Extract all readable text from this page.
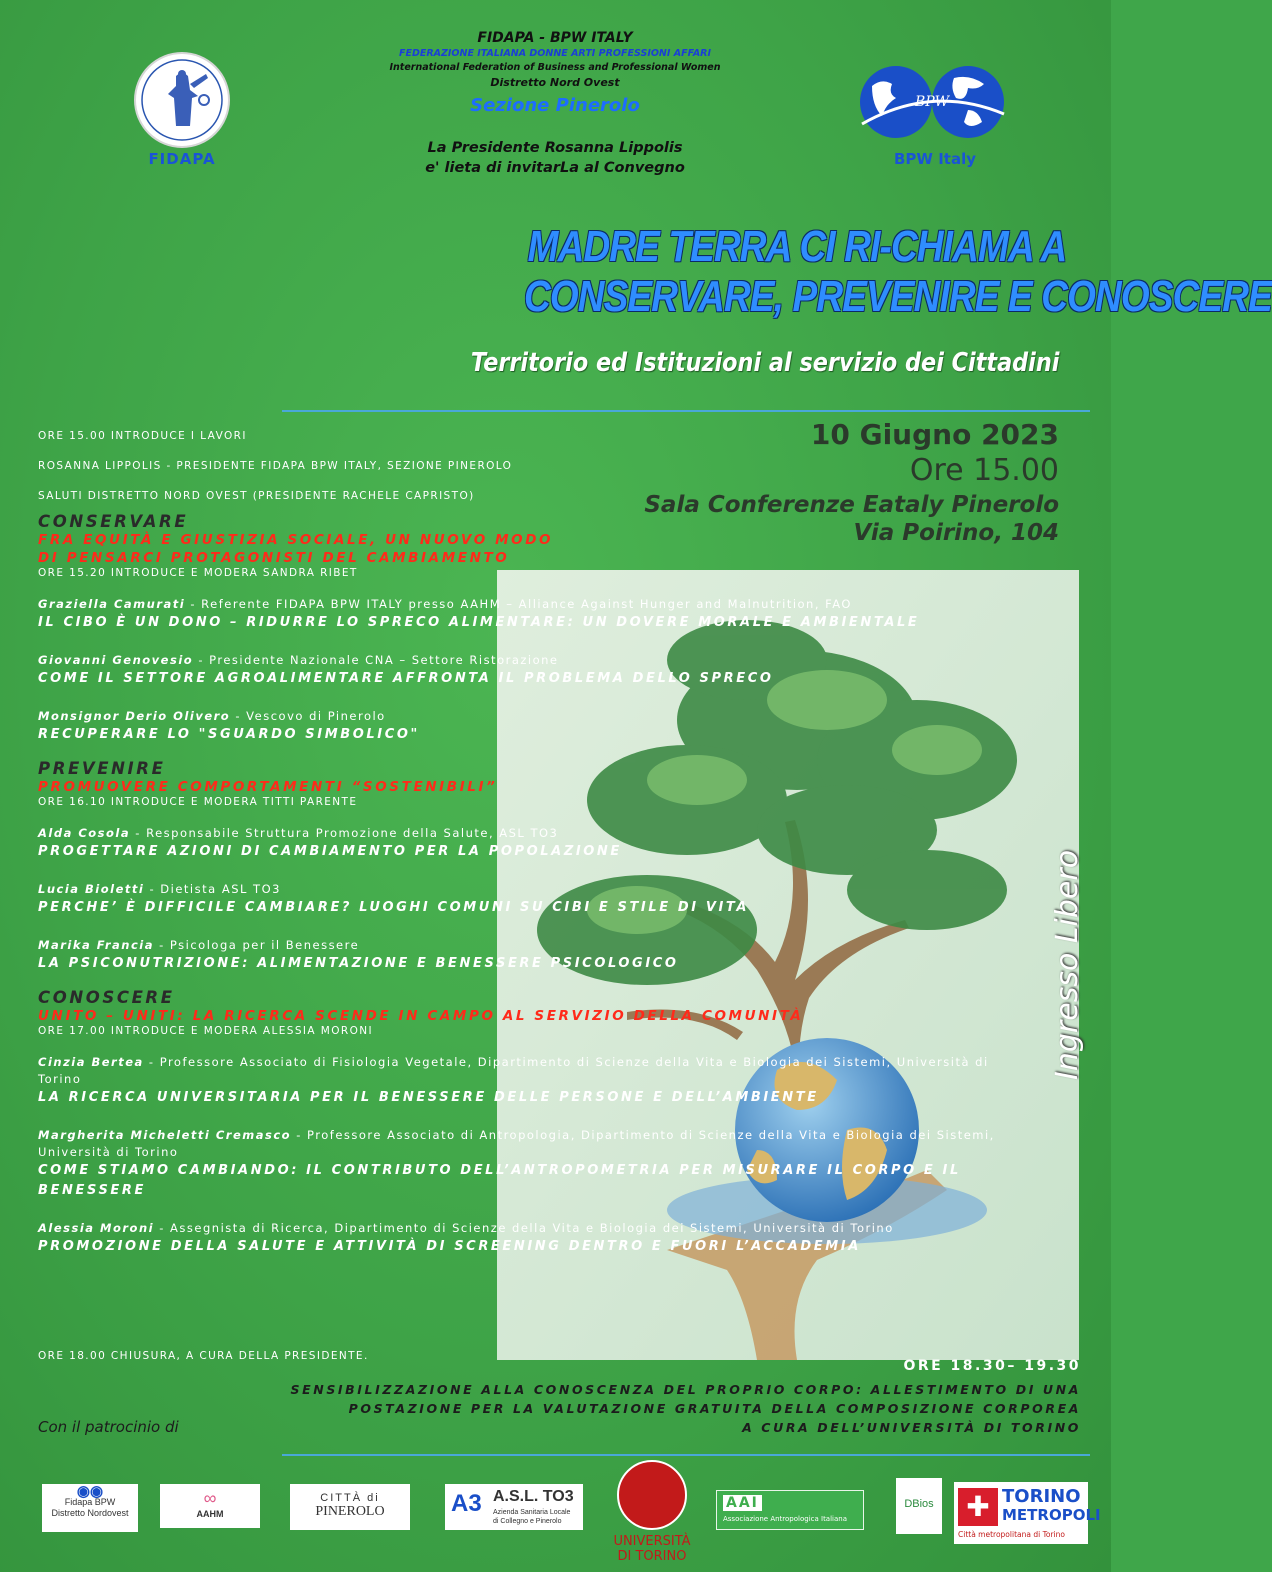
FIDAPA
BPW
BPW Italy
FIDAPA - BPW ITALY
FEDERAZIONE ITALIANA DONNE ARTI PROFESSIONI AFFARI
International Federation of Business and Professional Women
Distretto Nord Ovest
Sezione Pinerolo
La Presidente Rosanna Lippolis
e' lieta di invitarLa al Convegno
MADRE TERRA CI RI-CHIAMA A
CONSERVARE, PREVENIRE E CONOSCERE
Territorio ed Istituzioni al servizio dei Cittadini
Ingresso Libero
10 Giugno 2023
Ore 15.00
Sala Conferenze Eataly Pinerolo
Via Poirino, 104
ORE 15.00 INTRODUCE I LAVORI
ROSANNA LIPPOLIS - PRESIDENTE FIDAPA BPW ITALY, SEZIONE PINEROLO
SALUTI DISTRETTO NORD OVEST (PRESIDENTE RACHELE CAPRISTO)
CONSERVARE
FRA EQUITÀ E GIUSTIZIA SOCIALE, UN NUOVO MODO
DI PENSARCI PROTAGONISTI DEL CAMBIAMENTO
ORE 15.20 INTRODUCE E MODERA SANDRA RIBET
Graziella Camurati - Referente FIDAPA BPW ITALY presso AAHM – Alliance Against Hunger and Malnutrition, FAO
IL CIBO È UN DONO – RIDURRE LO SPRECO ALIMENTARE: UN DOVERE MORALE E AMBIENTALE
Giovanni Genovesio - Presidente Nazionale CNA – Settore Ristorazione
COME IL SETTORE AGROALIMENTARE AFFRONTA IL PROBLEMA DELLO SPRECO
Monsignor Derio Olivero - Vescovo di Pinerolo
RECUPERARE LO "SGUARDO SIMBOLICO"
PREVENIRE
PROMUOVERE COMPORTAMENTI “SOSTENIBILI”
ORE 16.10 INTRODUCE E MODERA TITTI PARENTE
Alda Cosola - Responsabile Struttura Promozione della Salute, ASL TO3
PROGETTARE AZIONI DI CAMBIAMENTO PER LA POPOLAZIONE
Lucia Bioletti - Dietista ASL TO3
PERCHE’ È DIFFICILE CAMBIARE? LUOGHI COMUNI SU CIBI E STILE DI VITA
Marika Francia - Psicologa per il Benessere
LA PSICONUTRIZIONE: ALIMENTAZIONE E BENESSERE PSICOLOGICO
CONOSCERE
UNITO – UNITI: LA RICERCA SCENDE IN CAMPO AL SERVIZIO DELLA COMUNITÀ
ORE 17.00 INTRODUCE E MODERA ALESSIA MORONI
Cinzia Bertea - Professore Associato di Fisiologia Vegetale, Dipartimento di Scienze della Vita e Biologia dei Sistemi, Università di Torino
LA RICERCA UNIVERSITARIA PER IL BENESSERE DELLE PERSONE E DELL’AMBIENTE
Margherita Micheletti Cremasco - Professore Associato di Antropologia, Dipartimento di Scienze della Vita e Biologia dei Sistemi, Università di Torino
COME STIAMO CAMBIANDO: IL CONTRIBUTO DELL’ANTROPOMETRIA PER MISURARE IL CORPO E IL BENESSERE
Alessia Moroni - Assegnista di Ricerca, Dipartimento di Scienze della Vita e Biologia dei Sistemi, Università di Torino
PROMOZIONE DELLA SALUTE E ATTIVITÀ DI SCREENING DENTRO E FUORI L’ACCADEMIA
ORE 18.00 CHIUSURA, A CURA DELLA PRESIDENTE.
ORE 18.30– 19.30
SENSIBILIZZAZIONE ALLA CONOSCENZA DEL PROPRIO CORPO: ALLESTIMENTO DI UNA
POSTAZIONE PER LA VALUTAZIONE GRATUITA DELLA COMPOSIZIONE CORPOREA
A CURA DELL’UNIVERSITÀ DI TORINO
Con il patrocinio di
◉◉
Fidapa BPW
Distretto Nordovest
∞
AAHM
CITTÀ di
PINEROLO	A3 A.S.L. TO3
Azienda Sanitaria Locale
di Collegno e Pinerolo
UNIVERSITÀ
DI TORINO
AAI
Associazione Antropologica Italiana
DBios ✚ TORINO
METROPOLI
Città metropolitana di Torino
